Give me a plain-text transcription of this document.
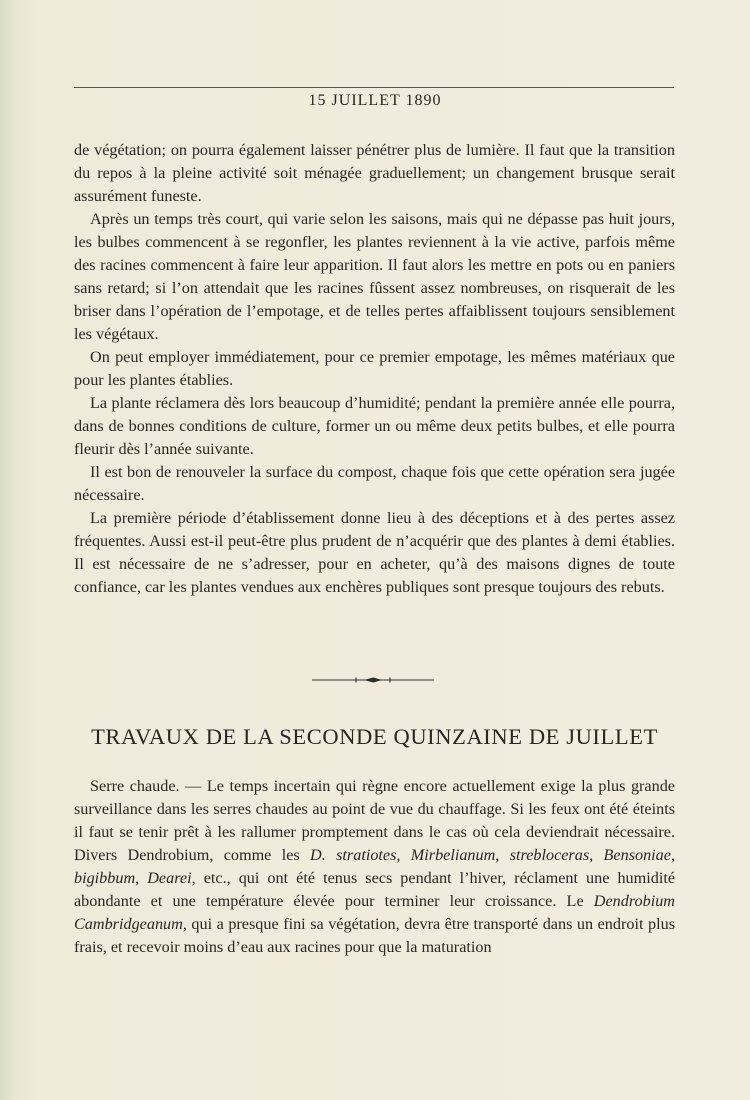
15 JUILLET 1890

de végétation; on pourra également laisser pénétrer plus de lumière. Il faut que la transition du repos à la pleine activité soit ménagée graduellement; un changement brusque serait assurément funeste.

Après un temps très court, qui varie selon les saisons, mais qui ne dépasse pas huit jours, les bulbes commencent à se regonfler, les plantes reviennent à la vie active, parfois même des racines commencent à faire leur apparition. Il faut alors les mettre en pots ou en paniers sans retard; si l’on attendait que les racines fûssent assez nombreuses, on risquerait de les briser dans l’opération de l’empotage, et de telles pertes affaiblissent toujours sensiblement les végétaux.

On peut employer immédiatement, pour ce premier empotage, les mêmes matériaux que pour les plantes établies.

La plante réclamera dès lors beaucoup d’humidité; pendant la première année elle pourra, dans de bonnes conditions de culture, former un ou même deux petits bulbes, et elle pourra fleurir dès l’année suivante.

Il est bon de renouveler la surface du compost, chaque fois que cette opération sera jugée nécessaire.

La première période d’établissement donne lieu à des déceptions et à des pertes assez fréquentes. Aussi est-il peut-être plus prudent de n’acquérir que des plantes à demi établies. Il est nécessaire de ne s’adresser, pour en acheter, qu’à des maisons dignes de toute confiance, car les plantes vendues aux enchères publiques sont presque toujours des rebuts.

TRAVAUX DE LA SECONDE QUINZAINE DE JUILLET

Serre chaude. — Le temps incertain qui règne encore actuellement exige la plus grande surveillance dans les serres chaudes au point de vue du chauffage. Si les feux ont été éteints il faut se tenir prêt à les rallumer promptement dans le cas où cela deviendrait nécessaire. Divers Dendrobium, comme les D. stratiotes, Mirbelianum, strebloceras, Bensoniae, bigibbum, Dearei, etc., qui ont été tenus secs pendant l’hiver, réclament une humidité abondante et une température élevée pour terminer leur croissance. Le Dendrobium Cambridgeanum, qui a presque fini sa végétation, devra être transporté dans un endroit plus frais, et recevoir moins d’eau aux racines pour que la maturation
